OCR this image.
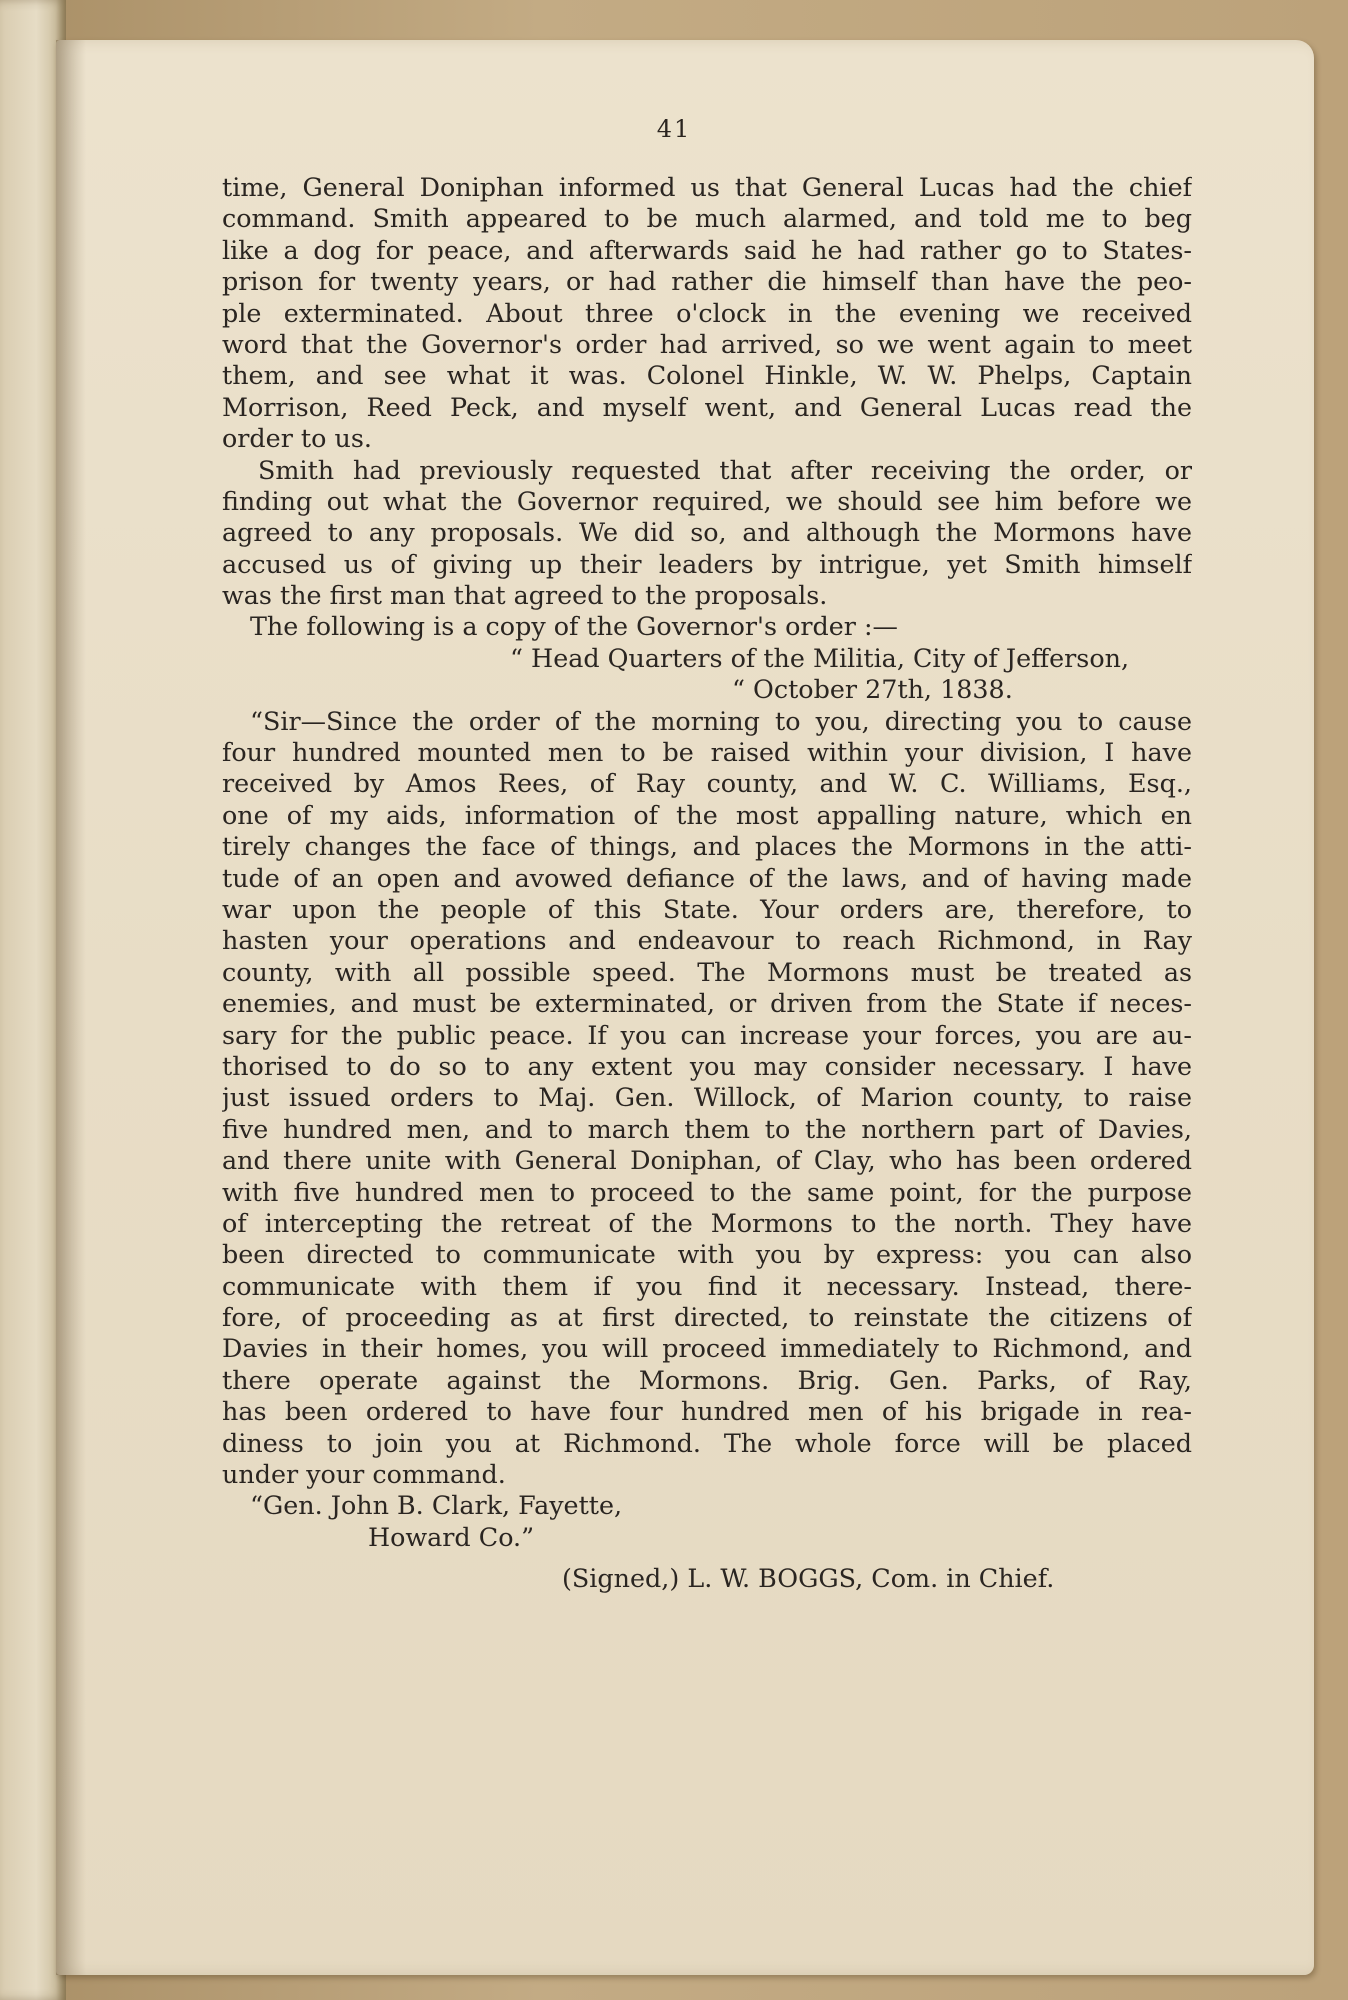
41
time, General Doniphan informed us that General Lucas had the chief
command. Smith appeared to be much alarmed, and told me to beg
like a dog for peace, and afterwards said he had rather go to States-
prison for twenty years, or had rather die himself than have the peo-
ple exterminated. About three o'clock in the evening we received
word that the Governor's order had arrived, so we went again to meet
them, and see what it was. Colonel Hinkle, W. W. Phelps, Captain
Morrison, Reed Peck, and myself went, and General Lucas read the
order to us.
Smith had previously requested that after receiving the order, or
finding out what the Governor required, we should see him before we
agreed to any proposals. We did so, and although the Mormons have
accused us of giving up their leaders by intrigue, yet Smith himself
was the first man that agreed to the proposals.
The following is a copy of the Governor's order :—
“ Head Quarters of the Militia, City of Jefferson,
“ October 27th, 1838.
“Sir—Since the order of the morning to you, directing you to cause
four hundred mounted men to be raised within your division, I have
received by Amos Rees, of Ray county, and W. C. Williams, Esq.,
one of my aids, information of the most appalling nature, which en
tirely changes the face of things, and places the Mormons in the atti-
tude of an open and avowed defiance of the laws, and of having made
war upon the people of this State. Your orders are, therefore, to
hasten your operations and endeavour to reach Richmond, in Ray
county, with all possible speed. The Mormons must be treated as
enemies, and must be exterminated, or driven from the State if neces-
sary for the public peace. If you can increase your forces, you are au-
thorised to do so to any extent you may consider necessary. I have
just issued orders to Maj. Gen. Willock, of Marion county, to raise
five hundred men, and to march them to the northern part of Davies,
and there unite with General Doniphan, of Clay, who has been ordered
with five hundred men to proceed to the same point, for the purpose
of intercepting the retreat of the Mormons to the north. They have
been directed to communicate with you by express: you can also
communicate with them if you find it necessary. Instead, there-
fore, of proceeding as at first directed, to reinstate the citizens of
Davies in their homes, you will proceed immediately to Richmond, and
there operate against the Mormons. Brig. Gen. Parks, of Ray,
has been ordered to have four hundred men of his brigade in rea-
diness to join you at Richmond. The whole force will be placed
under your command.
“Gen. John B. Clark, Fayette,
Howard Co.”
(Signed,) L. W. BOGGS, Com. in Chief.
